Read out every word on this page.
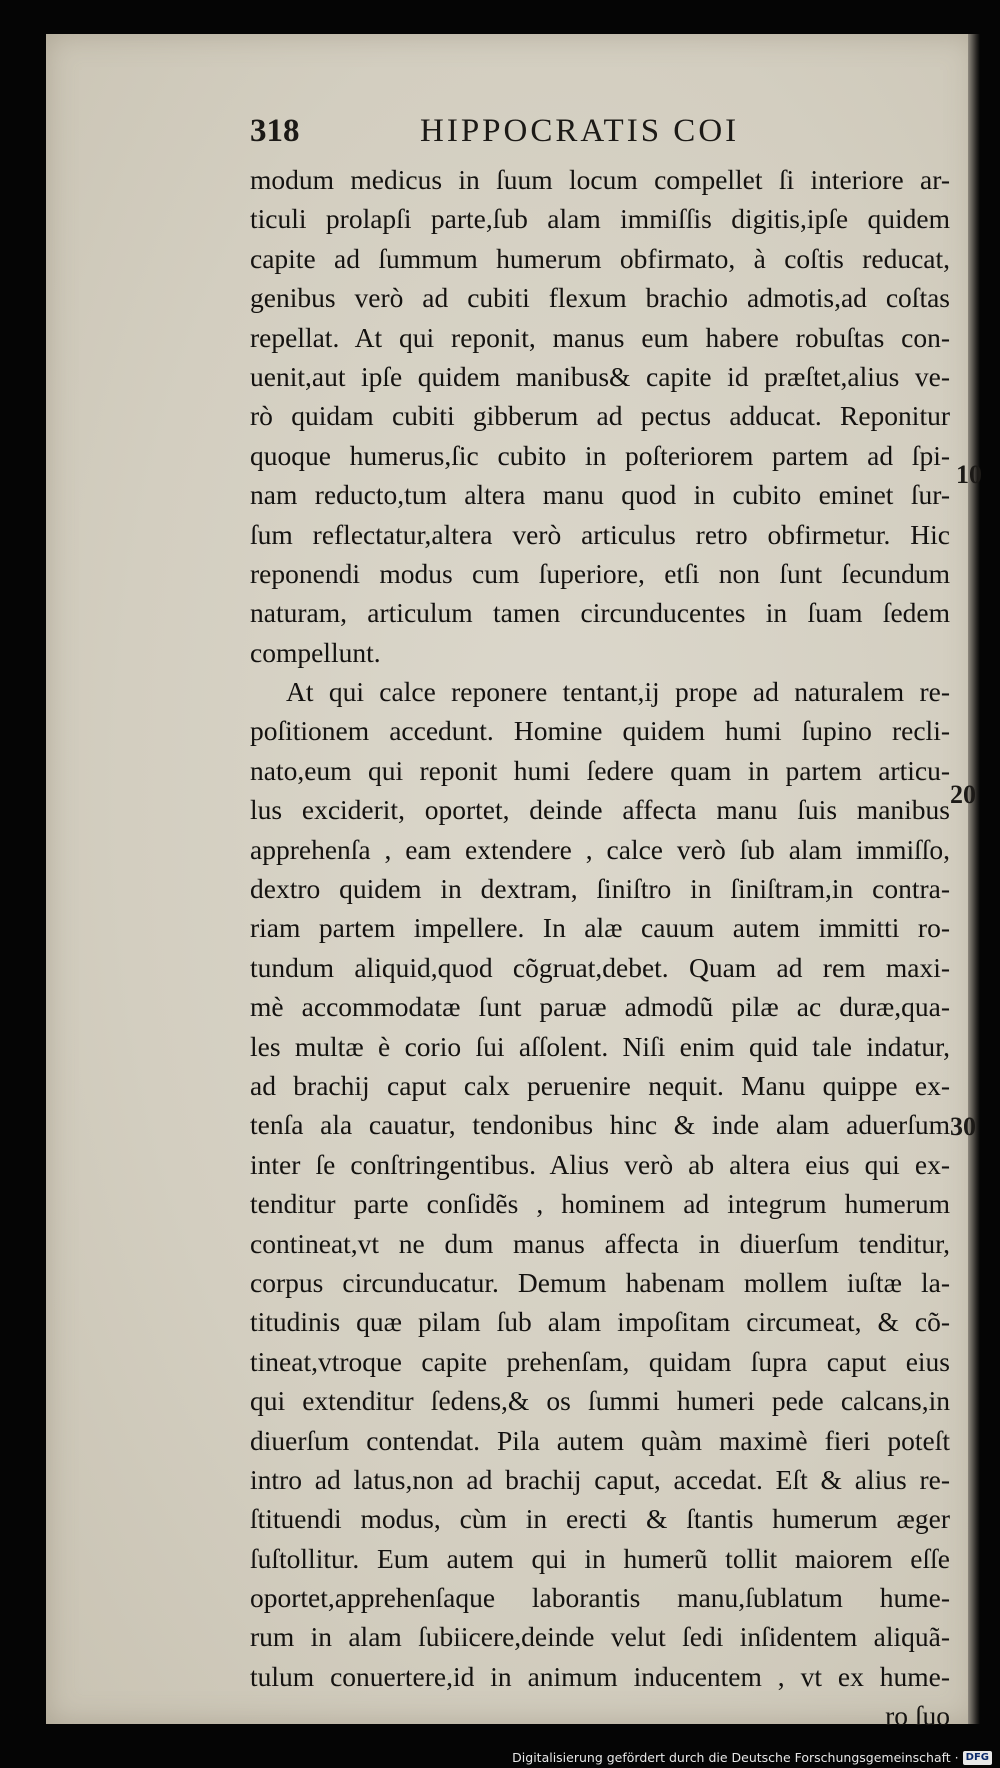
318	HIPPOCRATIS COI
modum medicus in ſuum locum compellet ſi interiore ar-
ticuli prolapſi parte,ſub alam immiſſis digitis,ipſe quidem
capite ad ſummum humerum obfirmato, à coſtis reducat,
genibus verò ad cubiti flexum brachio admotis,ad coſtas
repellat. At qui reponit, manus eum habere robuſtas con-
uenit,aut ipſe quidem manibus& capite id præſtet,alius ve-
rò quidam cubiti gibberum ad pectus adducat. Reponitur
quoque humerus,ſic cubito in poſteriorem partem ad ſpi-
nam reducto,tum altera manu quod in cubito eminet ſur-
ſum reflectatur,altera verò articulus retro obfirmetur. Hic
reponendi modus cum ſuperiore, etſi non ſunt ſecundum
naturam, articulum tamen circunducentes in ſuam ſedem
compellunt.
At qui calce reponere tentant,ij prope ad naturalem re-
poſitionem accedunt. Homine quidem humi ſupino recli-
nato,eum qui reponit humi ſedere quam in partem articu-
lus exciderit, oportet, deinde affecta manu ſuis manibus
apprehenſa , eam extendere , calce verò ſub alam immiſſo,
dextro quidem in dextram, ſiniſtro in ſiniſtram,in contra-
riam partem impellere. In alæ cauum autem immitti ro-
tundum aliquid,quod cõgruat,debet. Quam ad rem maxi-
mè accommodatæ ſunt paruæ admodũ pilæ ac duræ,qua-
les multæ è corio ſui aſſolent. Niſi enim quid tale indatur,
ad brachij caput calx peruenire nequit. Manu quippe ex-
tenſa ala cauatur, tendonibus hinc & inde alam aduerſum
inter ſe conſtringentibus. Alius verò ab altera eius qui ex-
tenditur parte conſidẽs , hominem ad integrum humerum
contineat,vt ne dum manus affecta in diuerſum tenditur,
corpus circunducatur. Demum habenam mollem iuſtæ la-
titudinis quæ pilam ſub alam impoſitam circumeat, & cõ-
tineat,vtroque capite prehenſam, quidam ſupra caput eius
qui extenditur ſedens,& os ſummi humeri pede calcans,in
diuerſum contendat. Pila autem quàm maximè fieri poteſt
intro ad latus,non ad brachij caput, accedat. Eſt & alius re-
ſtituendi modus, cùm in erecti & ſtantis humerum æger
ſuſtollitur. Eum autem qui in humerũ tollit maiorem eſſe
oportet,apprehenſaque laborantis manu,ſublatum hume-
rum in alam ſubiicere,deinde velut ſedi inſidentem aliquã-
tulum conuertere,id in animum inducentem , vt ex hume-
ro ſuo
10
20
30
Digitalisierung gefördert durch die Deutsche Forschungsgemeinschaft · DFG
